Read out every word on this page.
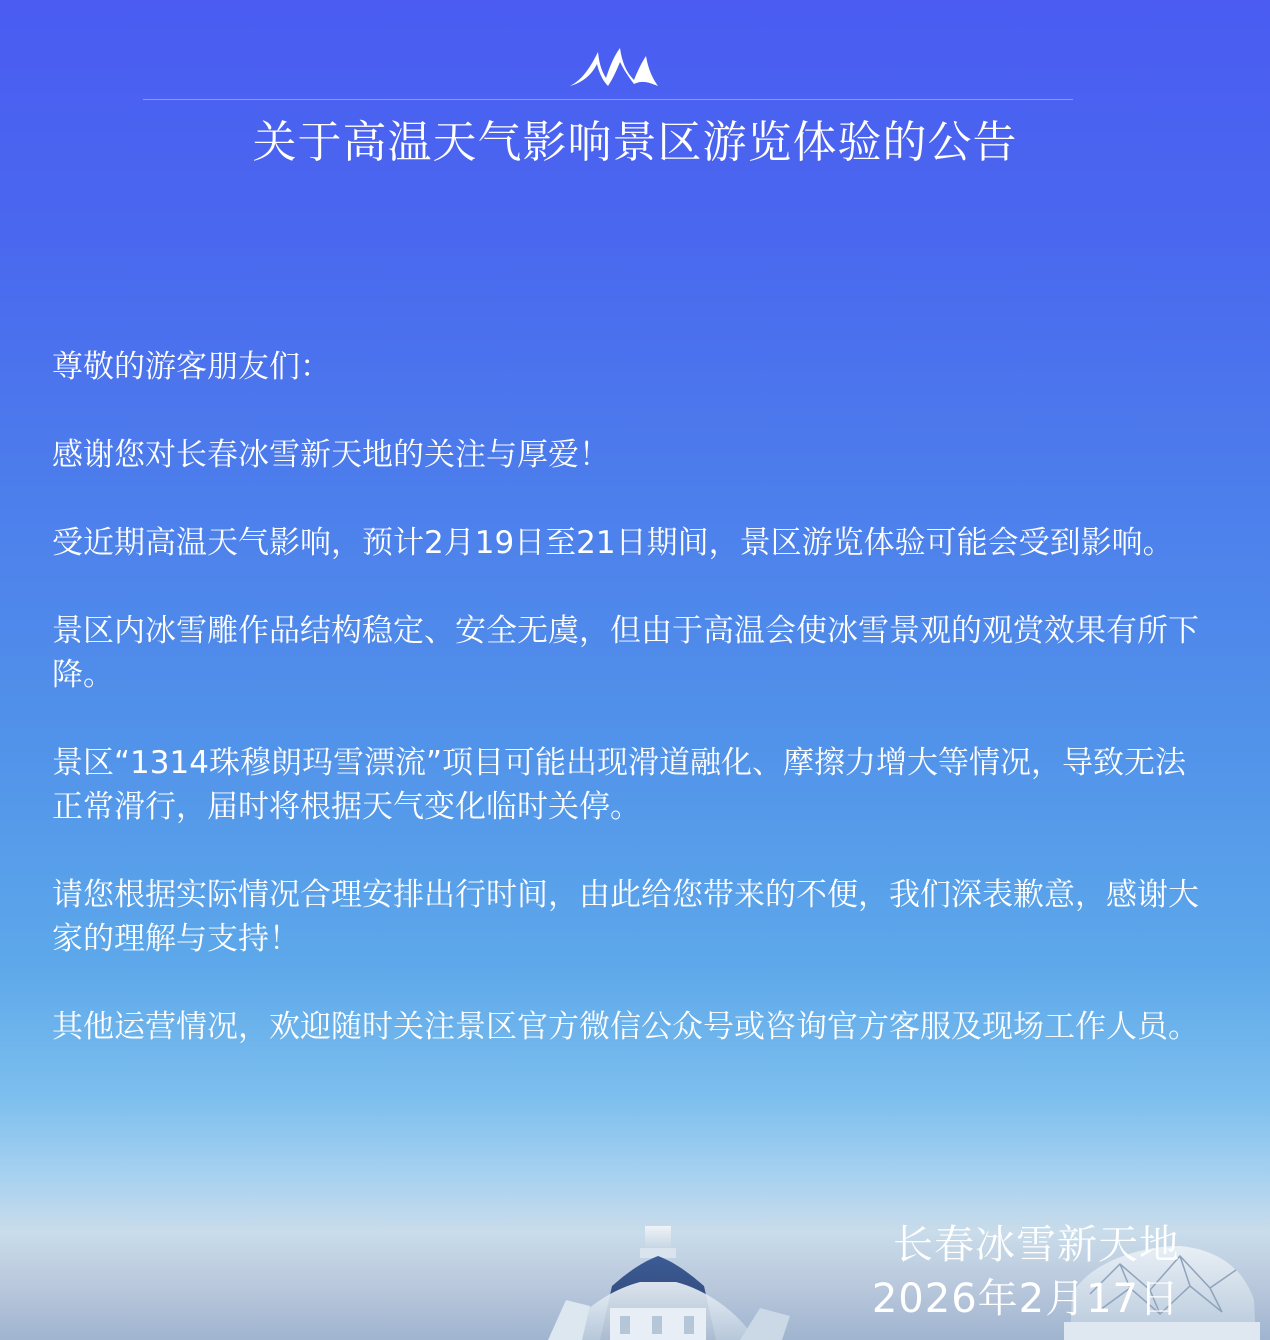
关于高温天气影响景区游览体验的公告

尊敬的游客朋友们：

感谢您对长春冰雪新天地的关注与厚爱！

受近期高温天气影响，预计2月19日至21日期间，景区游览体验可能会受到影响。

景区内冰雪雕作品结构稳定、安全无虞，但由于高温会使冰雪景观的观赏效果有所下降。

景区“1314珠穆朗玛雪漂流”项目可能出现滑道融化、摩擦力增大等情况，导致无法正常滑行，届时将根据天气变化临时关停。

请您根据实际情况合理安排出行时间，由此给您带来的不便，我们深表歉意，感谢大家的理解与支持！

其他运营情况，欢迎随时关注景区官方微信公众号或咨询官方客服及现场工作人员。

长春冰雪新天地
2026年2月17日
